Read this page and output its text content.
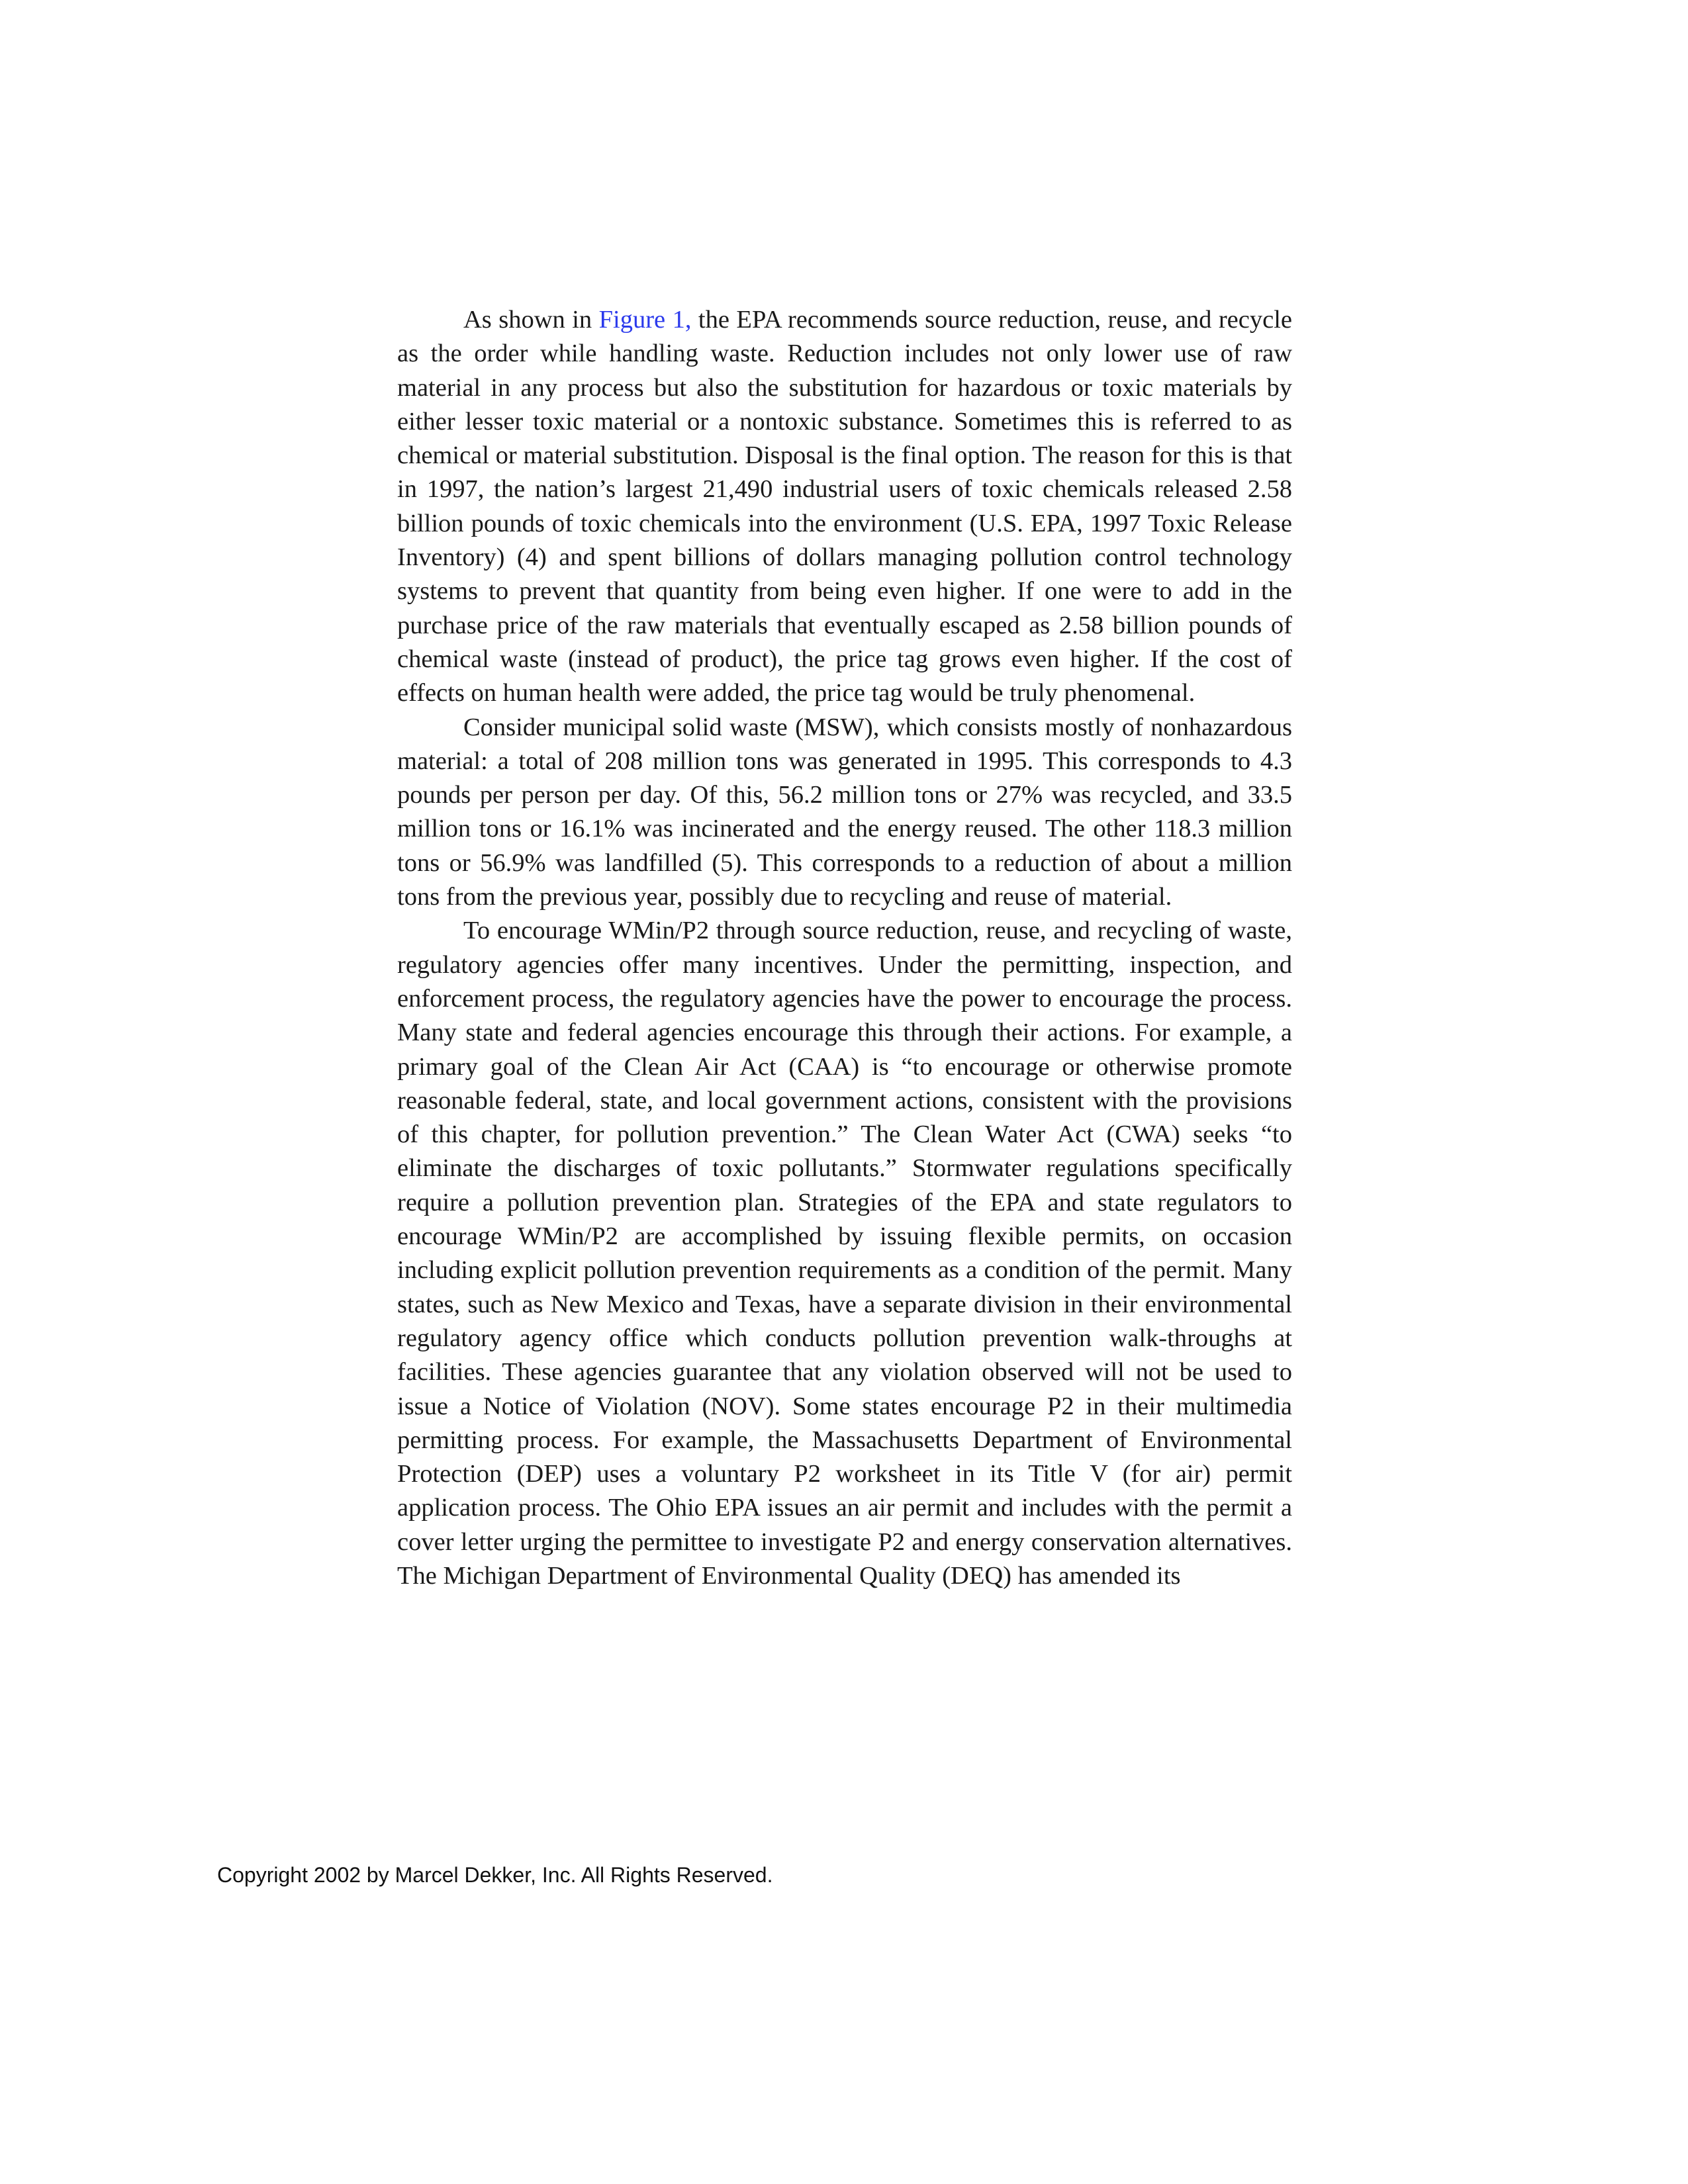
As shown in Figure 1, the EPA recommends source reduction, reuse, and recycle as the order while handling waste. Reduction includes not only lower use of raw material in any process but also the substitution for hazardous or toxic materials by either lesser toxic material or a nontoxic substance. Sometimes this is referred to as chemical or material substitution. Disposal is the final option. The reason for this is that in 1997, the nation’s largest 21,490 industrial users of toxic chemicals released 2.58 billion pounds of toxic chemicals into the environment (U.S. EPA, 1997 Toxic Release Inventory) (4) and spent billions of dollars managing pollution control technology systems to prevent that quantity from being even higher. If one were to add in the purchase price of the raw materials that eventually escaped as 2.58 billion pounds of chemical waste (instead of product), the price tag grows even higher. If the cost of effects on human health were added, the price tag would be truly phenomenal.

Consider municipal solid waste (MSW), which consists mostly of nonhazardous material: a total of 208 million tons was generated in 1995. This corresponds to 4.3 pounds per person per day. Of this, 56.2 million tons or 27% was recycled, and 33.5 million tons or 16.1% was incinerated and the energy reused. The other 118.3 million tons or 56.9% was landfilled (5). This corresponds to a reduction of about a million tons from the previous year, possibly due to recycling and reuse of material.

To encourage WMin/P2 through source reduction, reuse, and recycling of waste, regulatory agencies offer many incentives. Under the permitting, inspection, and enforcement process, the regulatory agencies have the power to encourage the process. Many state and federal agencies encourage this through their actions. For example, a primary goal of the Clean Air Act (CAA) is “to encourage or otherwise promote reasonable federal, state, and local government actions, consistent with the provisions of this chapter, for pollution prevention.” The Clean Water Act (CWA) seeks “to eliminate the discharges of toxic pollutants.” Stormwater regulations specifically require a pollution prevention plan. Strategies of the EPA and state regulators to encourage WMin/P2 are accomplished by issuing flexible permits, on occasion including explicit pollution prevention requirements as a condition of the permit. Many states, such as New Mexico and Texas, have a separate division in their environmental regulatory agency office which conducts pollution prevention walk-throughs at facilities. These agencies guarantee that any violation observed will not be used to issue a Notice of Violation (NOV). Some states encourage P2 in their multimedia permitting process. For example, the Massachusetts Department of Environmental Protection (DEP) uses a voluntary P2 worksheet in its Title V (for air) permit application process. The Ohio EPA issues an air permit and includes with the permit a cover letter urging the permittee to investigate P2 and energy conservation alternatives. The Michigan Department of Environmental Quality (DEQ) has amended its

Copyright 2002 by Marcel Dekker, Inc. All Rights Reserved.
